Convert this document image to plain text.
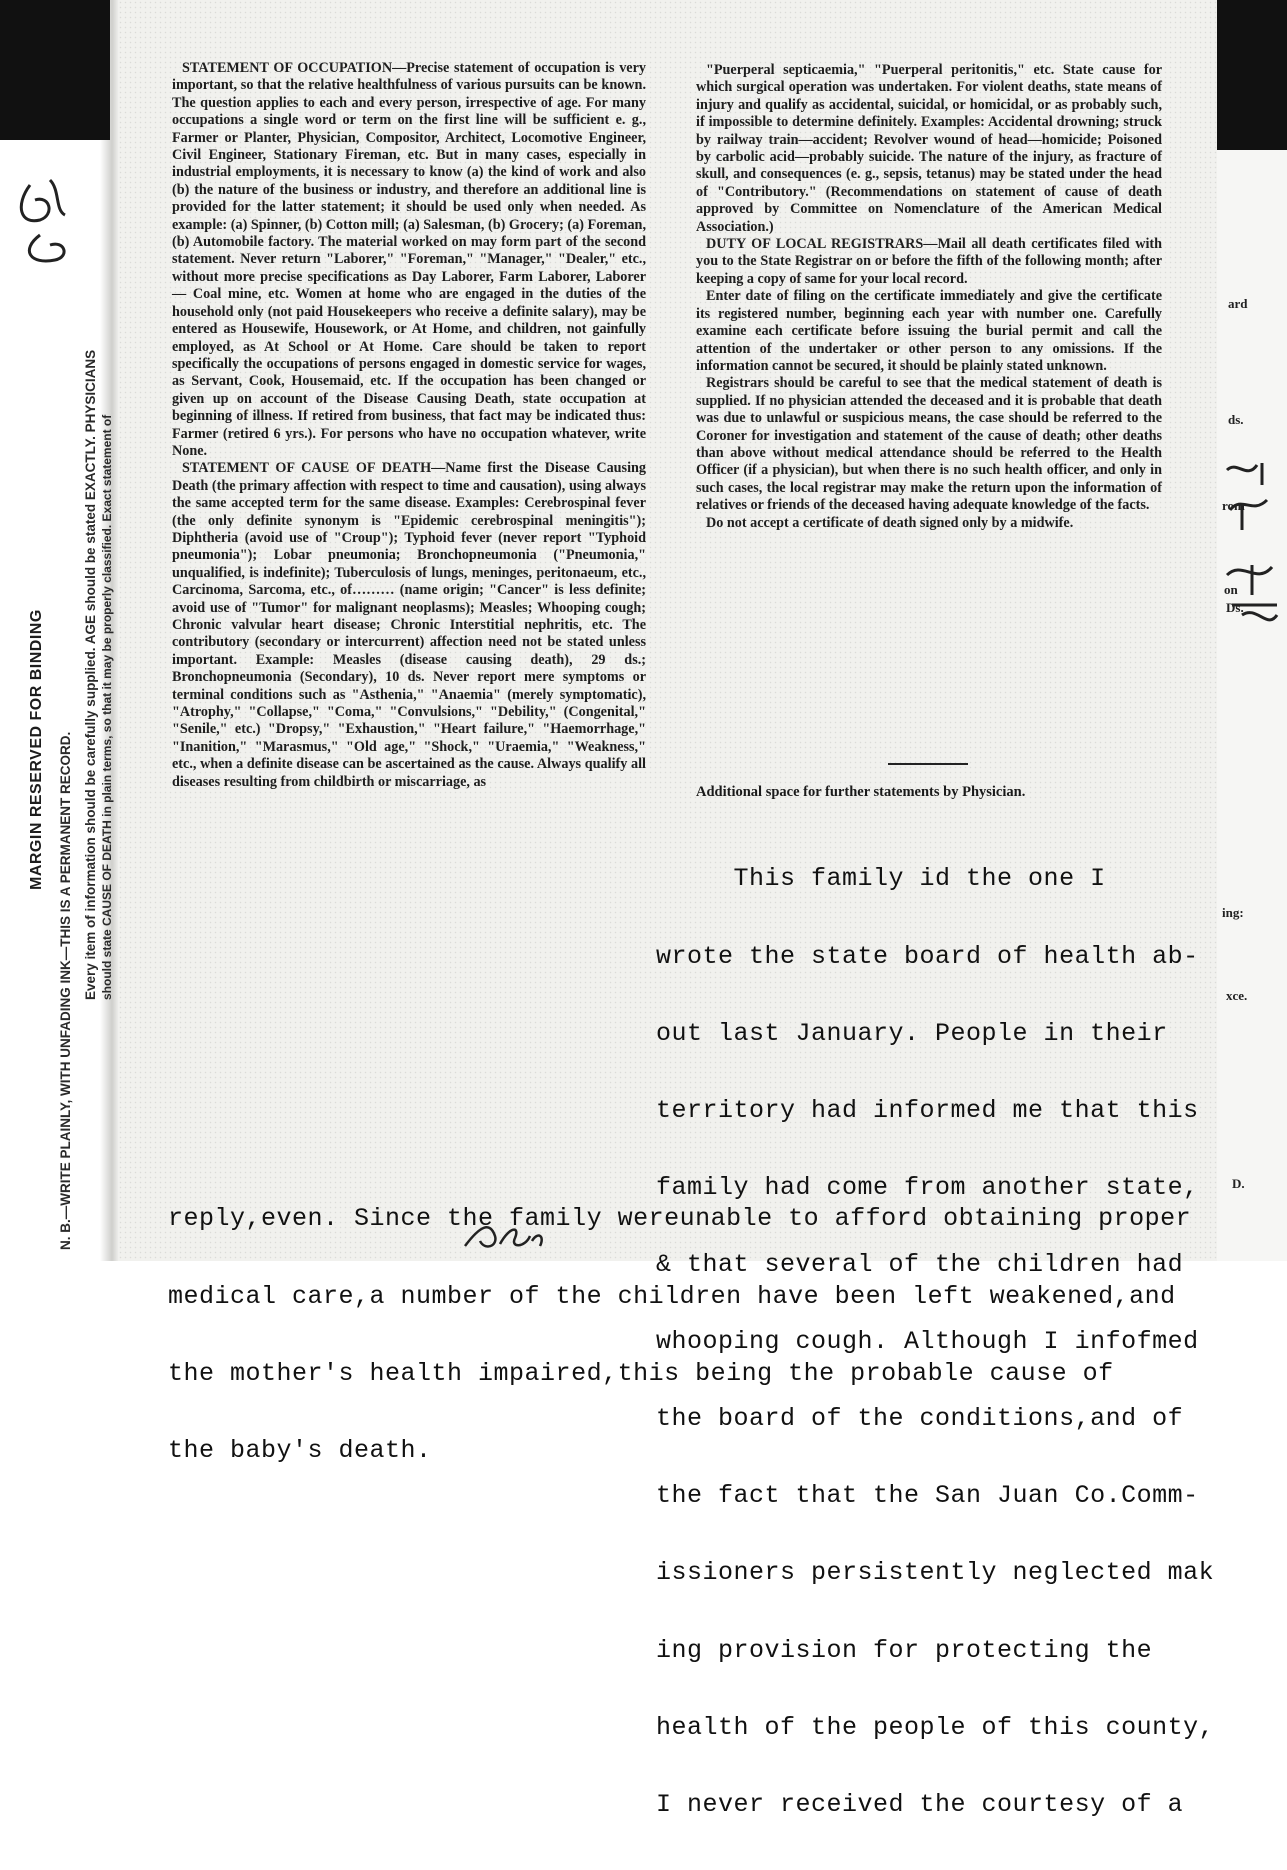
MARGIN RESERVED FOR BINDING N. B.—WRITE PLAINLY, WITH UNFADING INK—THIS IS A PERMANENT RECORD. Every item of information should be carefully supplied. AGE should be stated EXACTLY. PHYSICIANS should state CAUSE OF DEATH in plain terms, so that it may be properly classified. Exact statement of

STATEMENT OF OCCUPATION—Precise statement of occupation is very important, so that the relative healthfulness of various pursuits can be known. The question applies to each and every person, irrespective of age. For many occupations a single word or term on the first line will be sufficient e. g., Farmer or Planter, Physician, Compositor, Architect, Locomotive Engineer, Civil Engineer, Stationary Fireman, etc. But in many cases, especially in industrial employments, it is necessary to know (a) the kind of work and also (b) the nature of the business or industry, and therefore an additional line is provided for the latter statement; it should be used only when needed. As example: (a) Spinner, (b) Cotton mill; (a) Salesman, (b) Grocery; (a) Foreman, (b) Automobile factory. The material worked on may form part of the second statement. Never return "Laborer," "Foreman," "Manager," "Dealer," etc., without more precise specifications as Day Laborer, Farm Laborer, Laborer — Coal mine, etc. Women at home who are engaged in the duties of the household only (not paid Housekeepers who receive a definite salary), may be entered as Housewife, Housework, or At Home, and children, not gainfully employed, as At School or At Home. Care should be taken to report specifically the occupations of persons engaged in domestic service for wages, as Servant, Cook, Housemaid, etc. If the occupation has been changed or given up on account of the Disease Causing Death, state occupation at beginning of illness. If retired from business, that fact may be indicated thus: Farmer (retired 6 yrs.). For persons who have no occupation whatever, write None.

STATEMENT OF CAUSE OF DEATH—Name first the Disease Causing Death (the primary affection with respect to time and causation), using always the same accepted term for the same disease. Examples: Cerebrospinal fever (the only definite synonym is "Epidemic cerebrospinal meningitis"); Diphtheria (avoid use of "Croup"); Typhoid fever (never report "Typhoid pneumonia"); Lobar pneumonia; Bronchopneumonia ("Pneumonia," unqualified, is indefinite); Tuberculosis of lungs, meninges, peritonaeum, etc., Carcinoma, Sarcoma, etc., of……… (name origin; "Cancer" is less definite; avoid use of "Tumor" for malignant neoplasms); Measles; Whooping cough; Chronic valvular heart disease; Chronic Interstitial nephritis, etc. The contributory (secondary or intercurrent) affection need not be stated unless important. Example: Measles (disease causing death), 29 ds.; Bronchopneumonia (Secondary), 10 ds. Never report mere symptoms or terminal conditions such as "Asthenia," "Anaemia" (merely symptomatic), "Atrophy," "Collapse," "Coma," "Convulsions," "Debility," (Congenital," "Senile," etc.) "Dropsy," "Exhaustion," "Heart failure," "Haemorrhage," "Inanition," "Marasmus," "Old age," "Shock," "Uraemia," "Weakness," etc., when a definite disease can be ascertained as the cause. Always qualify all diseases resulting from childbirth or miscarriage, as

"Puerperal septicaemia," "Puerperal peritonitis," etc. State cause for which surgical operation was undertaken. For violent deaths, state means of injury and qualify as accidental, suicidal, or homicidal, or as probably such, if impossible to determine definitely. Examples: Accidental drowning; struck by railway train—accident; Revolver wound of head—homicide; Poisoned by carbolic acid—probably suicide. The nature of the injury, as fracture of skull, and consequences (e. g., sepsis, tetanus) may be stated under the head of "Contributory." (Recommendations on statement of cause of death approved by Committee on Nomenclature of the American Medical Association.)

DUTY OF LOCAL REGISTRARS—Mail all death certificates filed with you to the State Registrar on or before the fifth of the following month; after keeping a copy of same for your local record.

Enter date of filing on the certificate immediately and give the certificate its registered number, beginning each year with number one. Carefully examine each certificate before issuing the burial permit and call the attention of the undertaker or other person to any omissions. If the information cannot be secured, it should be plainly stated unknown.

Registrars should be careful to see that the medical statement of death is supplied. If no physician attended the deceased and it is probable that death was due to unlawful or suspicious means, the case should be referred to the Coroner for investigation and statement of the cause of death; other deaths than above without medical attendance should be referred to the Health Officer (if a physician), but when there is no such health officer, and only in such cases, the local registrar may make the return upon the information of relatives or friends of the deceased having adequate knowledge of the facts.

Do not accept a certificate of death signed only by a midwife.

Additional space for further statements by Physician.

This family id the one I

wrote the state board of health ab-

out last January. People in their

territory had informed me that this

family had come from another state,

& that several of the children had

whooping cough. Although I infofmed

the board of the conditions,and of

the fact that the San Juan Co.Comm-

issioners persistently neglected mak

ing provision for protecting the

health of the people of this county,

I never received the courtesy of a

reply,even. Since the family wereunable to afford obtaining proper

medical care,a number of the children have been left weakened,and

the mother's health impaired,this being the probable cause of

the baby's death.

ard
ds.
rom
on
Ds.
ing:
xce.
D.
